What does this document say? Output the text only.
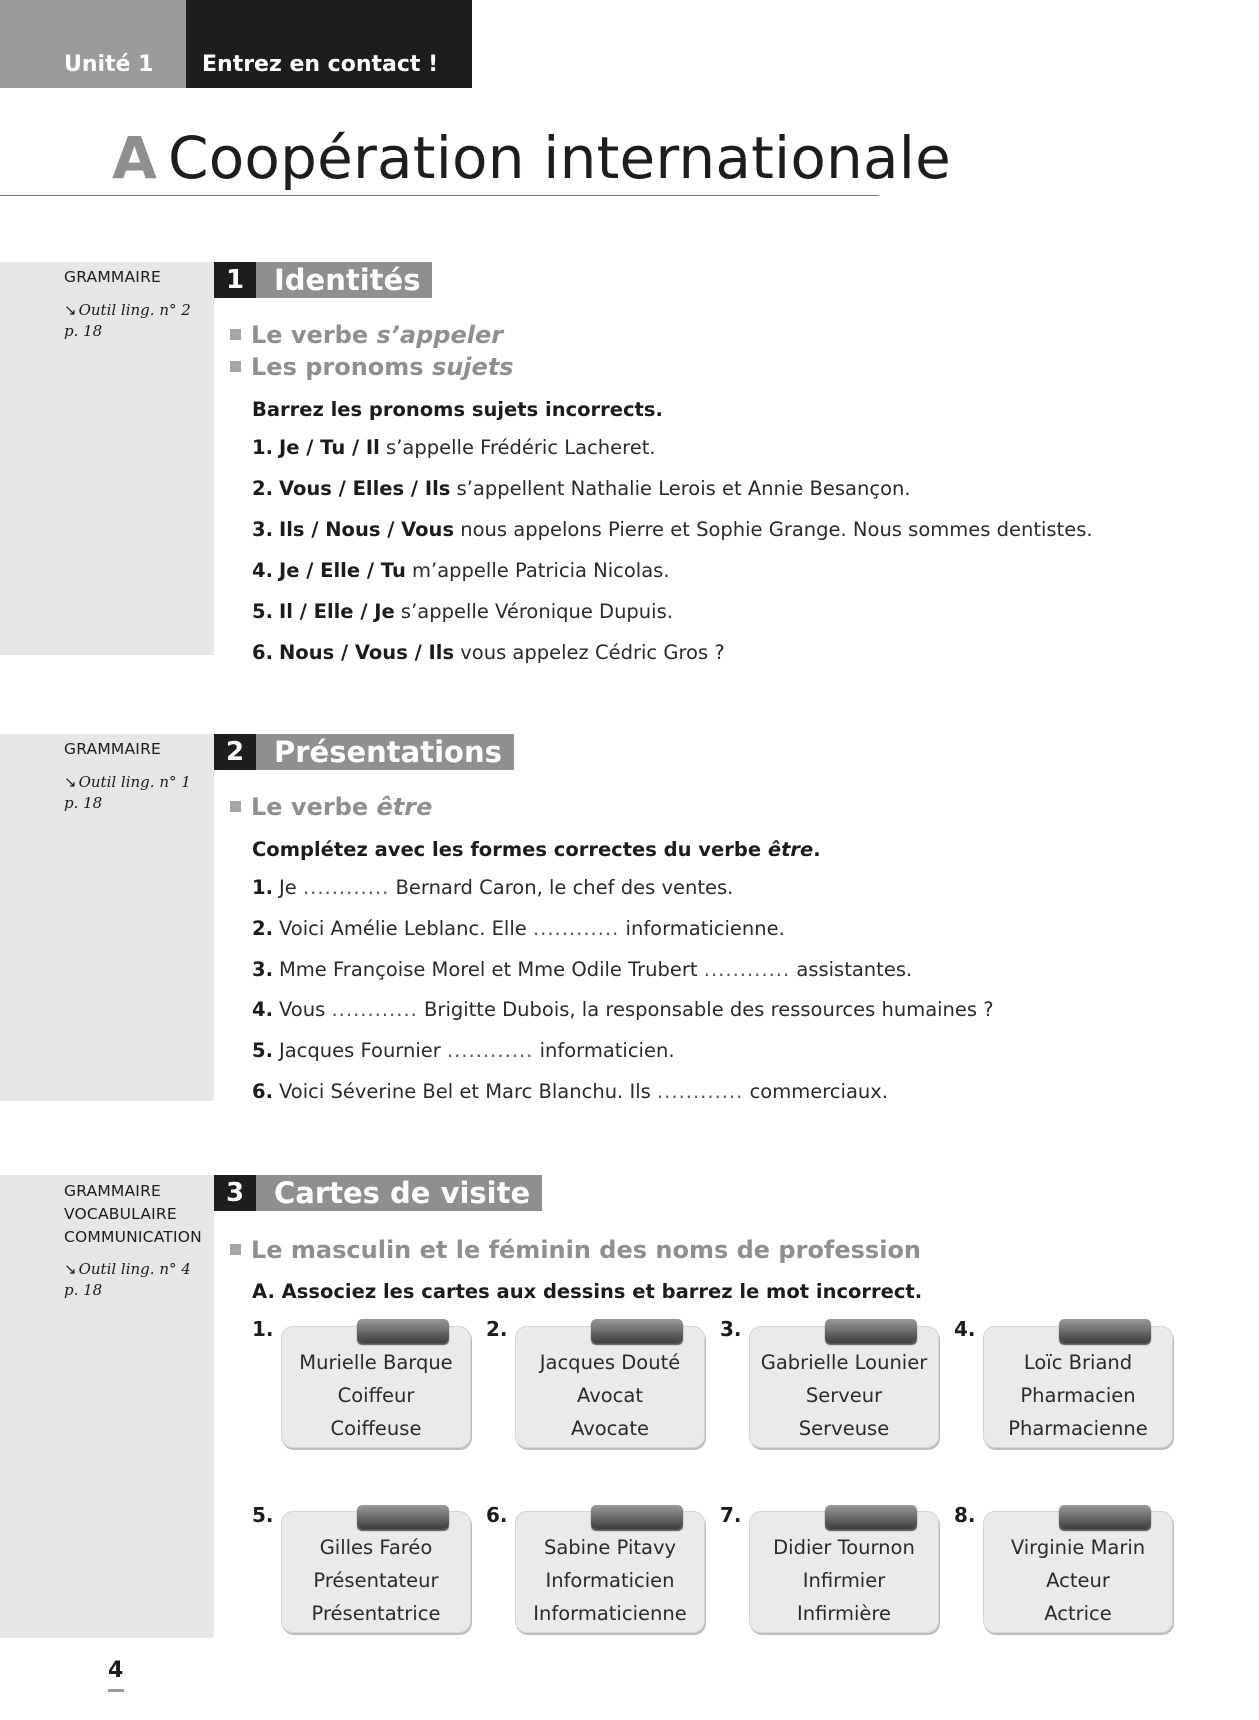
Unité 1 Entrez en contact !
A Coopération internationale
GRAMMAIRE
↘ Outil ling. n° 2
p. 18
1	Identités
Le verbe s’appeler
Les pronoms sujets
Barrez les pronoms sujets incorrects.
1. Je / Tu / Il s’appelle Frédéric Lacheret.
2. Vous / Elles / Ils s’appellent Nathalie Lerois et Annie Besançon.
3. Ils / Nous / Vous nous appelons Pierre et Sophie Grange. Nous sommes dentistes.
4. Je / Elle / Tu m’appelle Patricia Nicolas.
5. Il / Elle / Je s’appelle Véronique Dupuis.
6. Nous / Vous / Ils vous appelez Cédric Gros ?
GRAMMAIRE
↘ Outil ling. n° 1
p. 18
2	Présentations
Le verbe être
Complétez avec les formes correctes du verbe être.
1. Je ............ Bernard Caron, le chef des ventes.
2. Voici Amélie Leblanc. Elle ............ informaticienne.
3. Mme Françoise Morel et Mme Odile Trubert ............ assistantes.
4. Vous ............ Brigitte Dubois, la responsable des ressources humaines ?
5. Jacques Fournier ............ informaticien.
6. Voici Séverine Bel et Marc Blanchu. Ils ............ commerciaux.
GRAMMAIRE
VOCABULAIRE
COMMUNICATION
↘ Outil ling. n° 4
p. 18
3	Cartes de visite
Le masculin et le féminin des noms de profession
A. Associez les cartes aux dessins et barrez le mot incorrect.
1.
Murielle Barque
Coiffeur
Coiffeuse
2.
Jacques Douté
Avocat
Avocate
3.
Gabrielle Lounier
Serveur
Serveuse
4.
Loïc Briand
Pharmacien
Pharmacienne
5.
Gilles Faréo
Présentateur
Présentatrice
6.
Sabine Pitavy
Informaticien
Informaticienne
7.
Didier Tournon
Infirmier
Infirmière
8.
Virginie Marin
Acteur
Actrice
4
